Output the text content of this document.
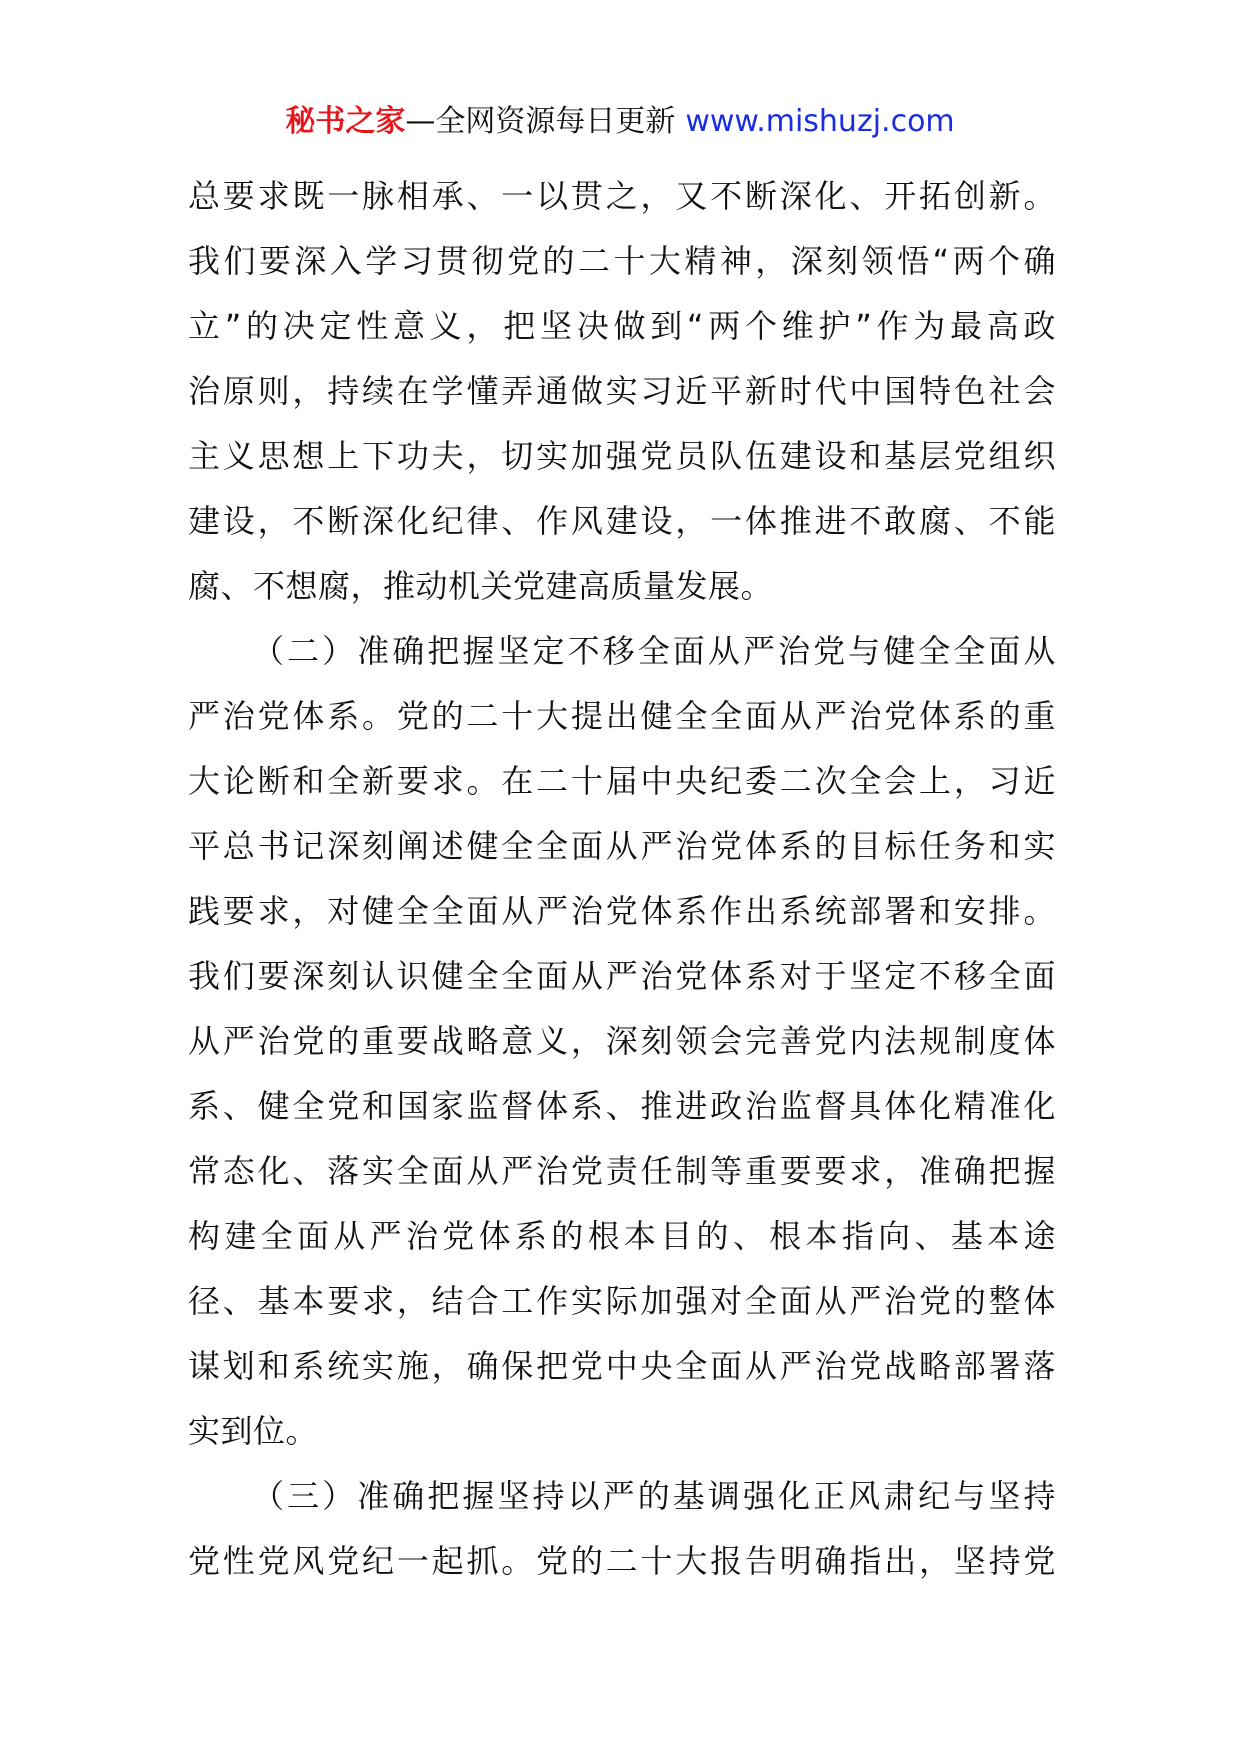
秘书之家—全网资源每日更新 www.mishuzj.com

总要求既一脉相承、一以贯之，又不断深化、开拓创新。
我们要深入学习贯彻党的二十大精神，深刻领悟“两个确
立”的决定性意义，把坚决做到“两个维护”作为最高政
治原则，持续在学懂弄通做实习近平新时代中国特色社会
主义思想上下功夫，切实加强党员队伍建设和基层党组织
建设，不断深化纪律、作风建设，一体推进不敢腐、不能
腐、不想腐，推动机关党建高质量发展。

（二）准确把握坚定不移全面从严治党与健全全面从
严治党体系。党的二十大提出健全全面从严治党体系的重
大论断和全新要求。在二十届中央纪委二次全会上，习近
平总书记深刻阐述健全全面从严治党体系的目标任务和实
践要求，对健全全面从严治党体系作出系统部署和安排。
我们要深刻认识健全全面从严治党体系对于坚定不移全面
从严治党的重要战略意义，深刻领会完善党内法规制度体
系、健全党和国家监督体系、推进政治监督具体化精准化
常态化、落实全面从严治党责任制等重要要求，准确把握
构建全面从严治党体系的根本目的、根本指向、基本途
径、基本要求，结合工作实际加强对全面从严治党的整体
谋划和系统实施，确保把党中央全面从严治党战略部署落
实到位。

（三）准确把握坚持以严的基调强化正风肃纪与坚持
党性党风党纪一起抓。党的二十大报告明确指出，坚持党
